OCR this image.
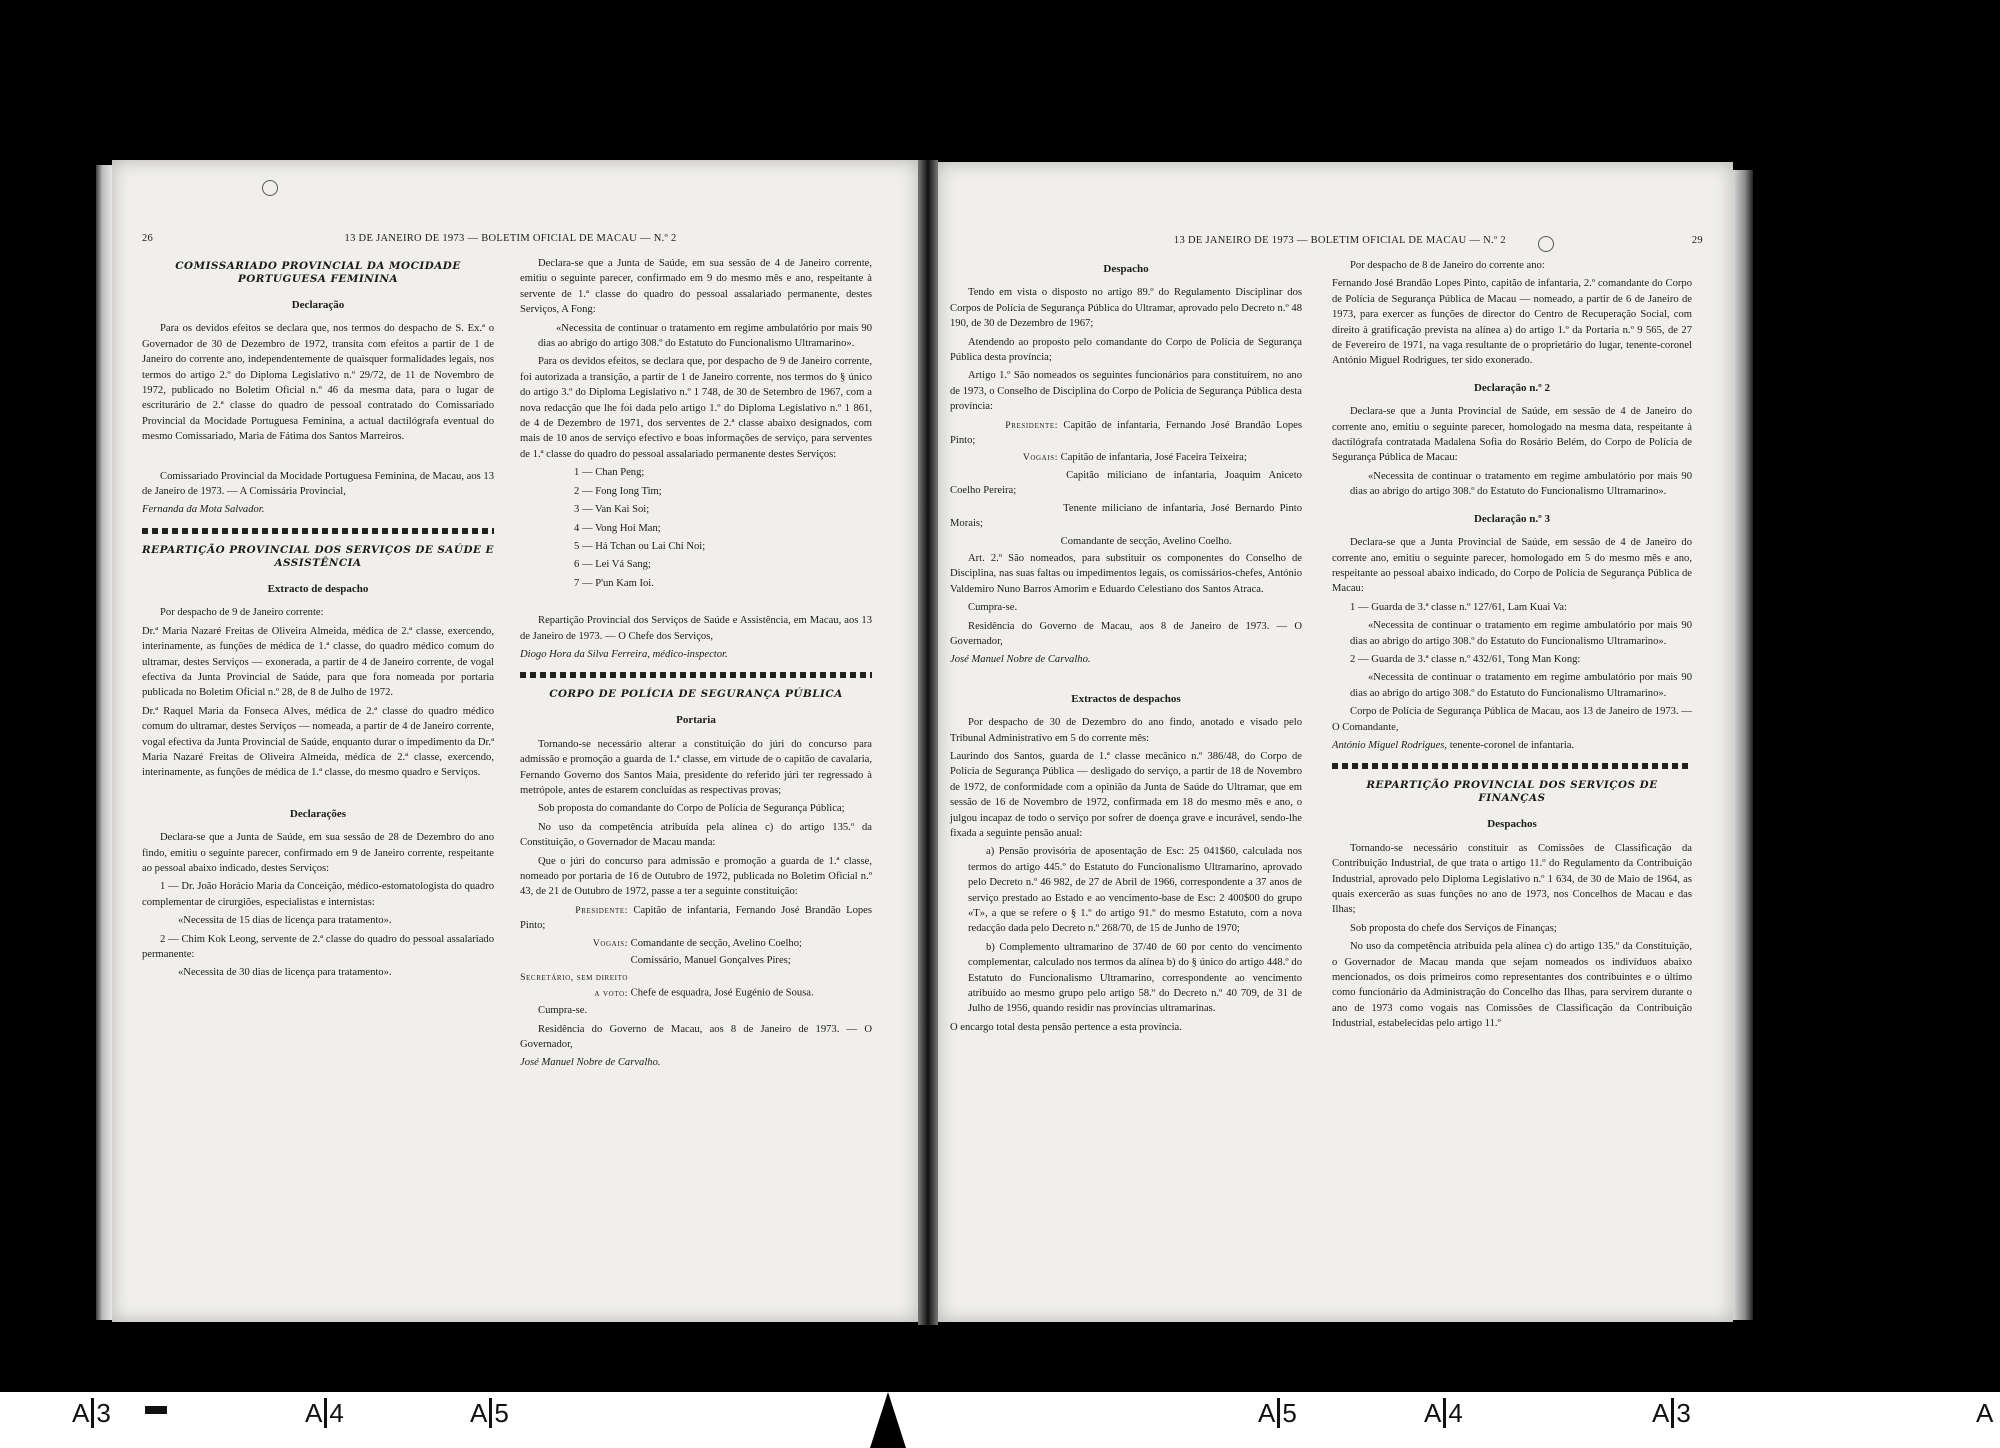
26	13 DE JANEIRO DE 1973 — BOLETIM OFICIAL DE MACAU — N.º 2
COMISSARIADO PROVINCIAL DA MOCIDADE PORTUGUESA FEMININA
Declaração

Para os devidos efeitos se declara que, nos termos do despacho de S. Ex.ª o Governador de 30 de Dezembro de 1972, transita com efeitos a partir de 1 de Janeiro do corrente ano, independentemente de quaisquer formalidades legais, nos termos do artigo 2.º do Diploma Legislativo n.º 29/72, de 11 de Novembro de 1972, publicado no Boletim Oficial n.º 46 da mesma data, para o lugar de escriturário de 2.ª classe do quadro de pessoal contratado do Comissariado Provincial da Mocidade Portuguesa Feminina, a actual dactilógrafa eventual do mesmo Comissariado, Maria de Fátima dos Santos Marreiros.

Comissariado Provincial da Mocidade Portuguesa Feminina, de Macau, aos 13 de Janeiro de 1973. — A Comissária Provincial,

Fernanda da Mota Salvador.

REPARTIÇÃO PROVINCIAL DOS SERVIÇOS DE SAÚDE E ASSISTÊNCIA
Extracto de despacho

Por despacho de 9 de Janeiro corrente:

Dr.ª Maria Nazaré Freitas de Oliveira Almeida, médica de 2.ª classe, exercendo, interinamente, as funções de médica de 1.ª classe, do quadro médico comum do ultramar, destes Serviços — exonerada, a partir de 4 de Janeiro corrente, de vogal efectiva da Junta Provincial de Saúde, para que fora nomeada por portaria publicada no Boletim Oficial n.º 28, de 8 de Julho de 1972.

Dr.ª Raquel Maria da Fonseca Alves, médica de 2.ª classe do quadro médico comum do ultramar, destes Serviços — nomeada, a partir de 4 de Janeiro corrente, vogal efectiva da Junta Provincial de Saúde, enquanto durar o impedimento da Dr.ª Maria Nazaré Freitas de Oliveira Almeida, médica de 2.ª classe, exercendo, interinamente, as funções de médica de 1.ª classe, do mesmo quadro e Serviços.

Declarações

Declara-se que a Junta de Saúde, em sua sessão de 28 de Dezembro do ano findo, emitiu o seguinte parecer, confirmado em 9 de Janeiro corrente, respeitante ao pessoal abaixo indicado, destes Serviços:

1 — Dr. João Horácio Maria da Conceição, médico-estomatologista do quadro complementar de cirurgiões, especialistas e internistas:

«Necessita de 15 dias de licença para tratamento».

2 — Chim Kok Leong, servente de 2.ª classe do quadro do pessoal assalariado permanente:

«Necessita de 30 dias de licença para tratamento».

Declara-se que a Junta de Saúde, em sua sessão de 4 de Janeiro corrente, emitiu o seguinte parecer, confirmado em 9 do mesmo mês e ano, respeitante à servente de 1.ª classe do quadro do pessoal assalariado permanente, destes Serviços, A Fong:

«Necessita de continuar o tratamento em regime ambulatório por mais 90 dias ao abrigo do artigo 308.º do Estatuto do Funcionalismo Ultramarino».

Para os devidos efeitos, se declara que, por despacho de 9 de Janeiro corrente, foi autorizada a transição, a partir de 1 de Janeiro corrente, nos termos do § único do artigo 3.º do Diploma Legislativo n.º 1 748, de 30 de Setembro de 1967, com a nova redacção que lhe foi dada pelo artigo 1.º do Diploma Legislativo n.º 1 861, de 4 de Dezembro de 1971, dos serventes de 2.ª classe abaixo designados, com mais de 10 anos de serviço efectivo e boas informações de serviço, para serventes de 1.ª classe do quadro do pessoal assalariado permanente destes Serviços:

1 — Chan Peng;

2 — Fong Iong Tim;

3 — Van Kai Soi;

4 — Vong Hoi Man;

5 — Há Tchan ou Lai Chi Noi;

6 — Lei Vá Sang;

7 — P'un Kam Ioi.

Repartição Provincial dos Serviços de Saúde e Assistência, em Macau, aos 13 de Janeiro de 1973. — O Chefe dos Serviços,

Diogo Hora da Silva Ferreira, médico-inspector.

CORPO DE POLÍCIA DE SEGURANÇA PÚBLICA
Portaria

Tornando-se necessário alterar a constituição do júri do concurso para admissão e promoção a guarda de 1.ª classe, em virtude de o capitão de cavalaria, Fernando Governo dos Santos Maia, presidente do referido júri ter regressado à metrópole, antes de estarem concluídas as respectivas provas;

Sob proposta do comandante do Corpo de Polícia de Segurança Pública;

No uso da competência atribuída pela alínea c) do artigo 135.º da Constituição, o Governador de Macau manda:

Que o júri do concurso para admissão e promoção a guarda de 1.ª classe, nomeado por portaria de 16 de Outubro de 1972, publicada no Boletim Oficial n.º 43, de 21 de Outubro de 1972, passe a ter a seguinte constituição:

Presidente: Capitão de infantaria, Fernando José Brandão Lopes Pinto;
Vogais: Comandante de secção, Avelino Coelho;
Comissário, Manuel Gonçalves Pires;
Secretário, sem direito a voto: Chefe de esquadra, José Eugénio de Sousa.

Cumpra-se.

Residência do Governo de Macau, aos 8 de Janeiro de 1973. — O Governador,

José Manuel Nobre de Carvalho.

13 DE JANEIRO DE 1973 — BOLETIM OFICIAL DE MACAU — N.º 2	29
Despacho

Tendo em vista o disposto no artigo 89.º do Regulamento Disciplinar dos Corpos de Polícia de Segurança Pública do Ultramar, aprovado pelo Decreto n.º 48 190, de 30 de Dezembro de 1967;

Atendendo ao proposto pelo comandante do Corpo de Polícia de Segurança Pública desta província;

Artigo 1.º São nomeados os seguintes funcionários para constituírem, no ano de 1973, o Conselho de Disciplina do Corpo de Polícia de Segurança Pública desta província:

Presidente: Capitão de infantaria, Fernando José Brandão Lopes Pinto;
Vogais: Capitão de infantaria, José Faceira Teixeira;
Capitão miliciano de infantaria, Joaquim Aniceto Coelho Pereira;
Tenente miliciano de infantaria, José Bernardo Pinto Morais;
Comandante de secção, Avelino Coelho.

Art. 2.º São nomeados, para substituir os componentes do Conselho de Disciplina, nas suas faltas ou impedimentos legais, os comissários-chefes, António Valdemiro Nuno Barros Amorim e Eduardo Celestiano dos Santos Atraca.

Cumpra-se.

Residência do Governo de Macau, aos 8 de Janeiro de 1973. — O Governador,

José Manuel Nobre de Carvalho.

Extractos de despachos

Por despacho de 30 de Dezembro do ano findo, anotado e visado pelo Tribunal Administrativo em 5 do corrente mês:

Laurindo dos Santos, guarda de 1.ª classe mecânico n.º 386/48, do Corpo de Polícia de Segurança Pública — desligado do serviço, a partir de 18 de Novembro de 1972, de conformidade com a opinião da Junta de Saúde do Ultramar, que em sessão de 16 de Novembro de 1972, confirmada em 18 do mesmo mês e ano, o julgou incapaz de todo o serviço por sofrer de doença grave e incurável, sendo-lhe fixada a seguinte pensão anual:

a) Pensão provisória de aposentação de Esc: 25 041$60, calculada nos termos do artigo 445.º do Estatuto do Funcionalismo Ultramarino, aprovado pelo Decreto n.º 46 982, de 27 de Abril de 1966, correspondente a 37 anos de serviço prestado ao Estado e ao vencimento-base de Esc: 2 400$00 do grupo «T», a que se refere o § 1.º do artigo 91.º do mesmo Estatuto, com a nova redacção dada pelo Decreto n.º 268/70, de 15 de Junho de 1970;

b) Complemento ultramarino de 37/40 de 60 por cento do vencimento complementar, calculado nos termos da alínea b) do § único do artigo 448.º do Estatuto do Funcionalismo Ultramarino, correspondente ao vencimento atribuído ao mesmo grupo pelo artigo 58.º do Decreto n.º 40 709, de 31 de Julho de 1956, quando residir nas províncias ultramarinas.

O encargo total desta pensão pertence a esta província.

Por despacho de 8 de Janeiro do corrente ano:

Fernando José Brandão Lopes Pinto, capitão de infantaria, 2.º comandante do Corpo de Polícia de Segurança Pública de Macau — nomeado, a partir de 6 de Janeiro de 1973, para exercer as funções de director do Centro de Recuperação Social, com direito à gratificação prevista na alínea a) do artigo 1.º da Portaria n.º 9 565, de 27 de Fevereiro de 1971, na vaga resultante de o proprietário do lugar, tenente-coronel António Miguel Rodrigues, ter sido exonerado.

Declaração n.º 2

Declara-se que a Junta Provincial de Saúde, em sessão de 4 de Janeiro do corrente ano, emitiu o seguinte parecer, homologado na mesma data, respeitante à dactilógrafa contratada Madalena Sofia do Rosário Belém, do Corpo de Polícia de Segurança Pública de Macau:

«Necessita de continuar o tratamento em regime ambulatório por mais 90 dias ao abrigo do artigo 308.º do Estatuto do Funcionalismo Ultramarino».

Declaração n.º 3

Declara-se que a Junta Provincial de Saúde, em sessão de 4 de Janeiro do corrente ano, emitiu o seguinte parecer, homologado em 5 do mesmo mês e ano, respeitante ao pessoal abaixo indicado, do Corpo de Polícia de Segurança Pública de Macau:

1 — Guarda de 3.ª classe n.º 127/61, Lam Kuai Va:

«Necessita de continuar o tratamento em regime ambulatório por mais 90 dias ao abrigo do artigo 308.º do Estatuto do Funcionalismo Ultramarino».

2 — Guarda de 3.ª classe n.º 432/61, Tong Man Kong:

«Necessita de continuar o tratamento em regime ambulatório por mais 90 dias ao abrigo do artigo 308.º do Estatuto do Funcionalismo Ultramarino».

Corpo de Polícia de Segurança Pública de Macau, aos 13 de Janeiro de 1973. — O Comandante,

António Miguel Rodrigues, tenente-coronel de infantaria.

REPARTIÇÃO PROVINCIAL DOS SERVIÇOS DE FINANÇAS
Despachos

Tornando-se necessário constituir as Comissões de Classificação da Contribuição Industrial, de que trata o artigo 11.º do Regulamento da Contribuição Industrial, aprovado pelo Diploma Legislativo n.º 1 634, de 30 de Maio de 1964, as quais exercerão as suas funções no ano de 1973, nos Concelhos de Macau e das Ilhas;

Sob proposta do chefe dos Serviços de Finanças;

No uso da competência atribuída pela alínea c) do artigo 135.º da Constituição, o Governador de Macau manda que sejam nomeados os indivíduos abaixo mencionados, os dois primeiros como representantes dos contribuintes e o último como funcionário da Administração do Concelho das Ilhas, para servirem durante o ano de 1973 como vogais nas Comissões de Classificação da Contribuição Industrial, estabelecidas pelo artigo 11.º

A 3	A 4	A 5	A 5	A 4	A 3	A
